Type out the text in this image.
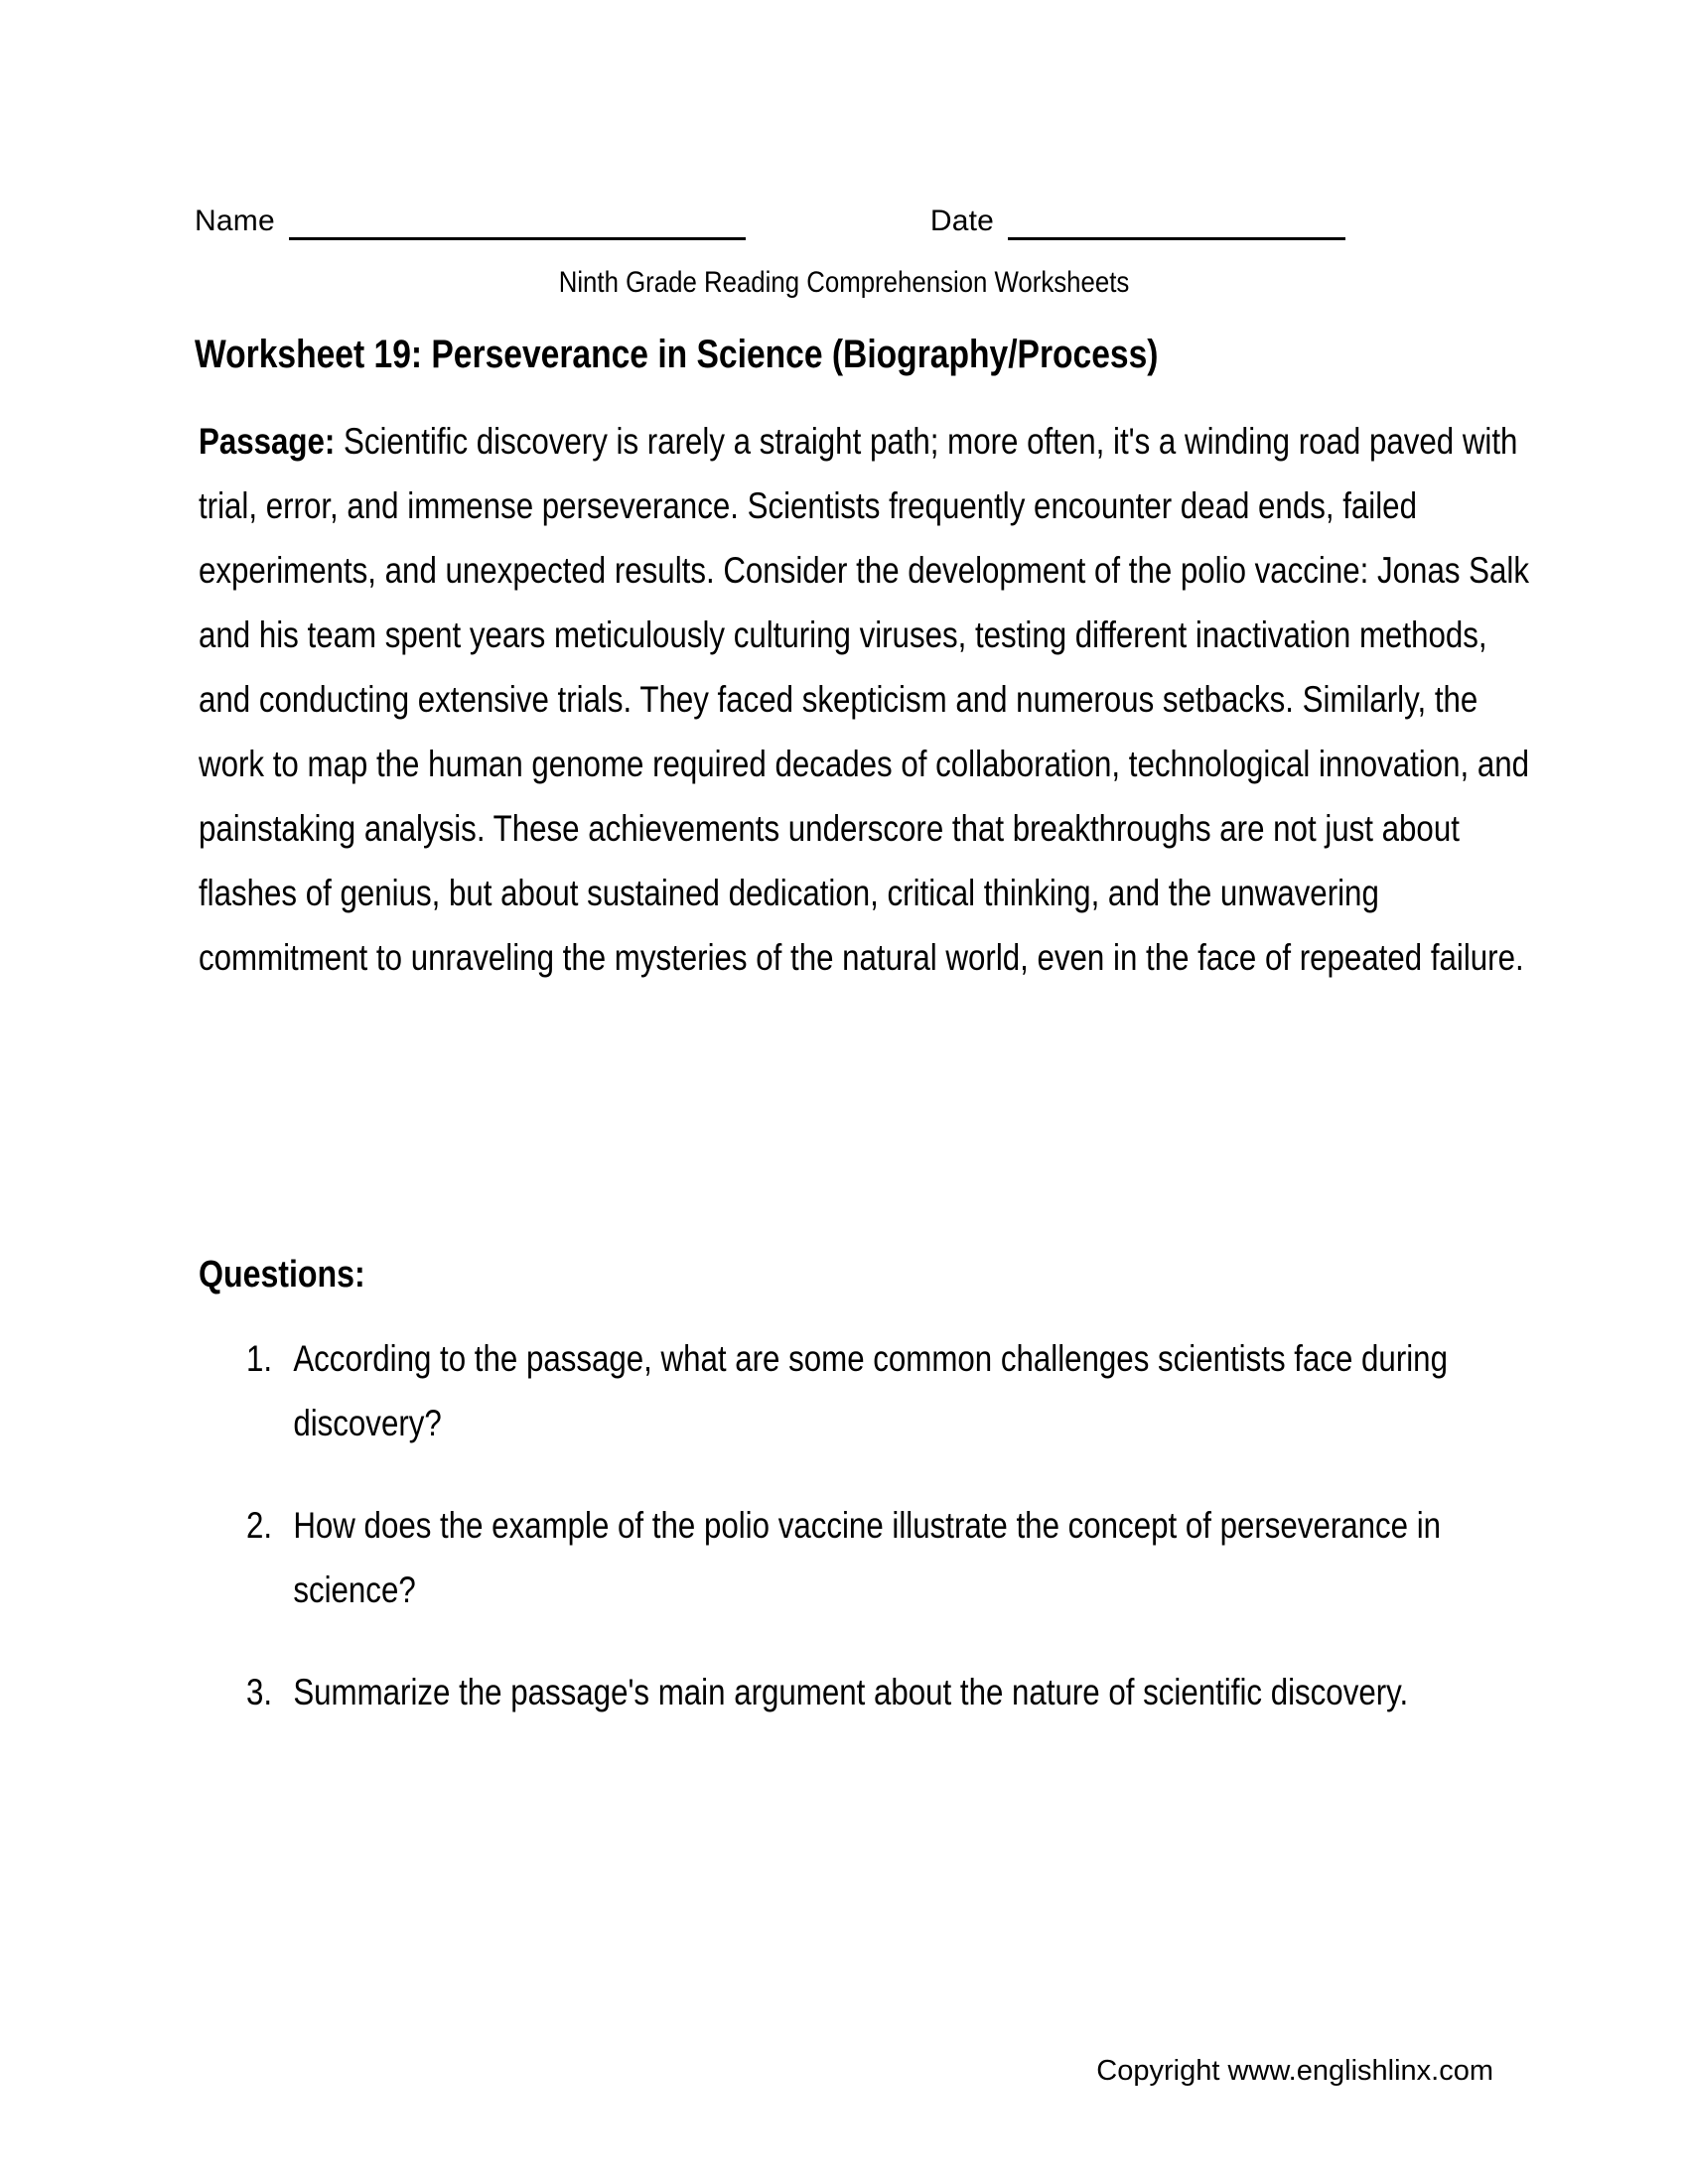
Name	Date
Ninth Grade Reading Comprehension Worksheets
Worksheet 19: Perseverance in Science (Biography/Process)
Passage: Scientific discovery is rarely a straight path; more often, it's a winding road paved with trial, error, and immense perseverance. Scientists frequently encounter dead ends, failed experiments, and unexpected results. Consider the development of the polio vaccine: Jonas Salk and his team spent years meticulously culturing viruses, testing different inactivation methods, and conducting extensive trials. They faced skepticism and numerous setbacks. Similarly, the work to map the human genome required decades of collaboration, technological innovation, and painstaking analysis. These achievements underscore that breakthroughs are not just about flashes of genius, but about sustained dedication, critical thinking, and the unwavering commitment to unraveling the mysteries of the natural world, even in the face of repeated failure.
Questions:
1. According to the passage, what are some common challenges scientists face during discovery?
2. How does the example of the polio vaccine illustrate the concept of perseverance in science?
3. Summarize the passage's main argument about the nature of scientific discovery.
Copyright www.englishlinx.com
